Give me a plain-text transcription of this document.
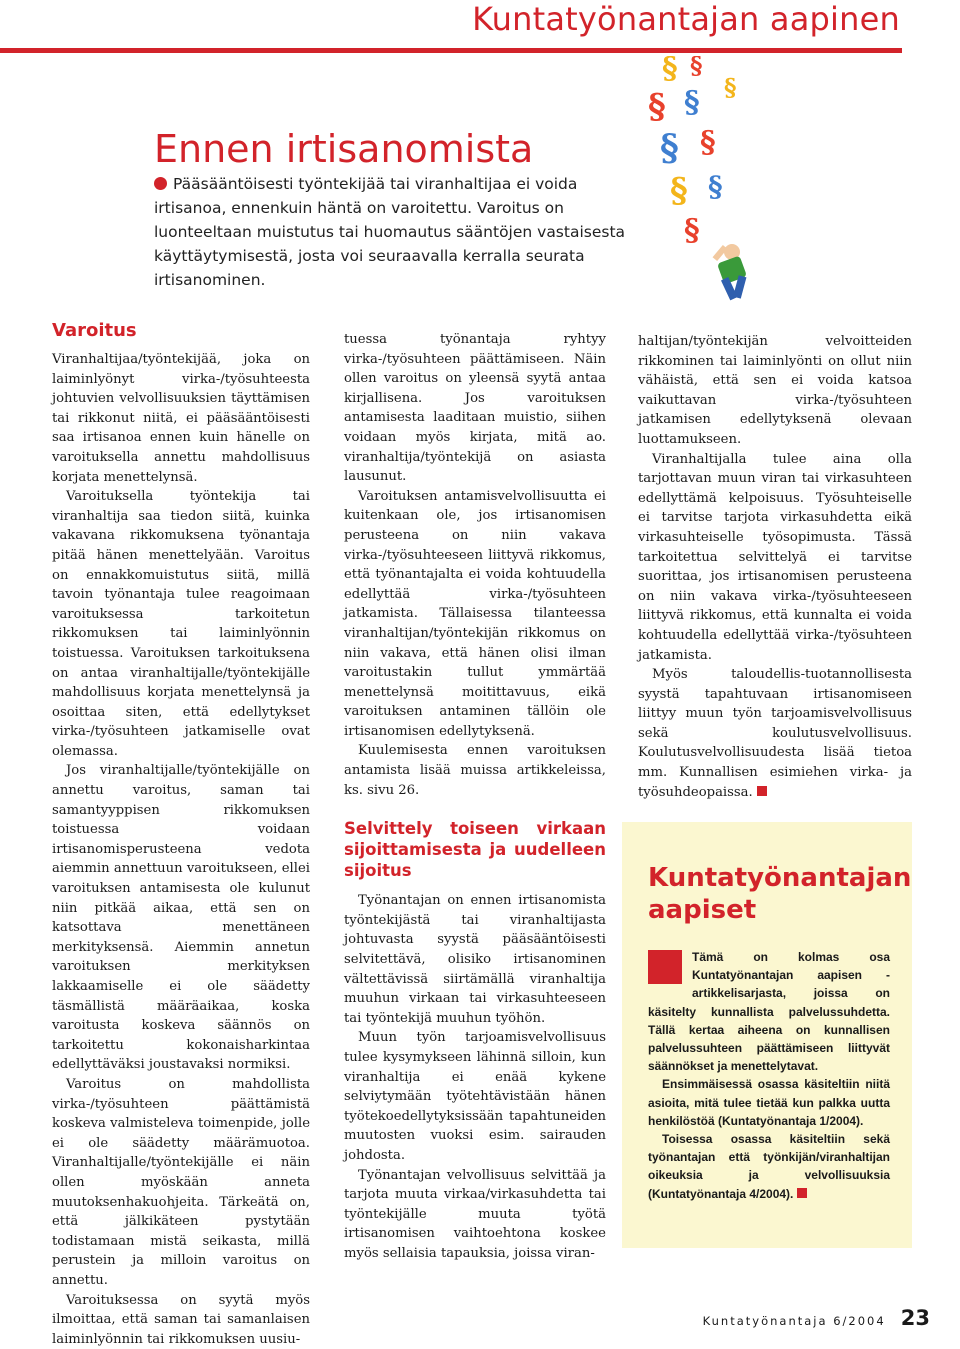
Kuntatyönantajan aapinen
§ §
§ § §
§ §
§ §
§
Ennen irtisanomista
Pääsääntöisesti työntekijää tai viranhaltijaa ei voida irtisanoa, ennenkuin häntä on varoitettu. Varoitus on luonteeltaan muistutus tai huomautus sääntöjen vastaisesta käyttäytymisestä, josta voi seuraavalla kerralla seurata irtisanominen.
Varoitus

Viranhaltijaa/työntekijää, joka on laiminlyönyt virka-/työsuhteesta johtuvien velvollisuuksien täyttämisen tai rikkonut niitä, ei pääsääntöisesti saa irtisanoa ennen kuin hänelle on varoituksella annettu mahdollisuus korjata menettelynsä.

Varoituksella työntekija tai viranhaltija saa tiedon siitä, kuinka vakavana rikkomuksena työnantaja pitää hänen menettelyään. Varoitus on ennakkomuistutus siitä, millä tavoin työnantaja tulee reagoimaan varoituksessa tarkoitetun rikkomuksen tai laiminlyönnin toistuessa. Varoituksen tarkoituksena on antaa viranhaltijalle/työntekijälle mahdollisuus korjata menettelynsä ja osoittaa siten, että edellytykset virka-/työsuhteen jatkamiselle ovat olemassa.

Jos viranhaltijalle/työntekijälle on annettu varoitus, saman tai samantyyppisen rikkomuksen toistuessa voidaan irtisanomisperusteena vedota aiemmin annettuun varoitukseen, ellei varoituksen antamisesta ole kulunut niin pitkää aikaa, että sen on katsottava menettäneen merkityksensä. Aiemmin annetun varoituksen merkityksen lakkaamiselle ei ole säädetty täsmällistä määräaikaa, koska varoitusta koskeva säännös on tarkoitettu kokonaisharkintaa edellyttäväksi joustavaksi normiksi.

Varoitus on mahdollista virka-/työsuhteen päättämistä koskeva valmisteleva toimenpide, jolle ei ole säädetty määrämuotoa. Viranhaltijalle/työntekijälle ei näin ollen myöskään anneta muutoksenhakuohjeita. Tärkeätä on, että jälkikäteen pystytään todistamaan mistä seikasta, millä perustein ja milloin varoitus on annettu.

Varoituksessa on syytä myös ilmoittaa, että saman tai samanlaisen laiminlyönnin tai rikkomuksen uusiu-

tuessa työnantaja ryhtyy virka-/työsuhteen päättämiseen. Näin ollen varoitus on yleensä syytä antaa kirjallisena. Jos varoituksen antamisesta laaditaan muistio, siihen voidaan myös kirjata, mitä ao. viranhaltija/työntekijä on asiasta lausunut.

Varoituksen antamisvelvollisuutta ei kuitenkaan ole, jos irtisanomisen perusteena on niin vakava virka-/työsuhteeseen liittyvä rikkomus, että työnantajalta ei voida kohtuudella edellyttää virka-/työsuhteen jatkamista. Tällaisessa tilanteessa viranhaltijan/työntekijän rikkomus on niin vakava, että hänen olisi ilman varoitustakin tullut ymmärtää menettelynsä moitittavuus, eikä varoituksen antaminen tällöin ole irtisanomisen edellytyksenä.

Kuulemisesta ennen varoituksen antamista lisää muissa artikkeleissa, ks. sivu 26.

Selvittely toiseen virkaan sijoittamisesta ja uudelleen sijoitus

Työnantajan on ennen irtisanomista työntekijästä tai viranhaltijasta johtuvasta syystä pääsääntöisesti selvitettävä, olisiko irtisanominen vältettävissä siirtämällä viranhaltija muuhun virkaan tai virkasuhteeseen tai työntekijä muuhun työhön.

Muun työn tarjoamisvelvollisuus tulee kysymykseen lähinnä silloin, kun viranhaltija ei enää kykene selviytymään työtehtävistään hänen työtekoedellytyksissään tapahtuneiden muutosten vuoksi esim. sairauden johdosta.

Työnantajan velvollisuus selvittää ja tarjota muuta virkaa/virkasuhdetta tai työntekijälle muuta työtä irtisanomisen vaihtoehtona koskee myös sellaisia tapauksia, joissa viran-

haltijan/työntekijän velvoitteiden rikkominen tai laiminlyönti on ollut niin vähäistä, että sen ei voida katsoa vaikuttavan virka-/työsuhteen jatkamisen edellytyksenä olevaan luottamukseen.

Viranhaltijalla tulee aina olla tarjottavan muun viran tai virkasuhteen edellyttämä kelpoisuus. Työsuhteiselle ei tarvitse tarjota virkasuhdetta eikä virkasuhteiselle työsopimusta. Tässä tarkoitettua selvittelyä ei tarvitse suorittaa, jos irtisanomisen perusteena on niin vakava virka-/työsuhteeseen liittyvä rikkomus, että kunnalta ei voida kohtuudella edellyttää virka-/työsuhteen jatkamista.

Myös taloudellis-tuotannollisesta syystä tapahtuvaan irtisanomiseen liittyy muun työn tarjoamisvelvollisuus sekä koulutusvelvollisuus. Koulutusvelvollisuudesta lisää tietoa mm. Kunnallisen esimiehen virka- ja työsuhdeopaissa.

Kuntatyönantajan aapiset

Tämä on kolmas osa Kuntatyönantajan aapisen -artikkelisarjasta, joissa on käsitelty kunnallista palvelussuhdetta. Tällä kertaa aiheena on kunnallisen palvelussuhteen päättämiseen liittyvät säännökset ja menettelytavat.

Ensimmäisessä osassa käsiteltiin niitä asioita, mitä tulee tietää kun palkka uutta henkilöstöä (Kuntatyönantaja 1/2004).

Toisessa osassa käsiteltiin sekä työnantajan että työnkijän/viranhaltijan oikeuksia ja velvollisuuksia (Kuntatyönantaja 4/2004).

Kuntatyönantaja 6/2004 23
